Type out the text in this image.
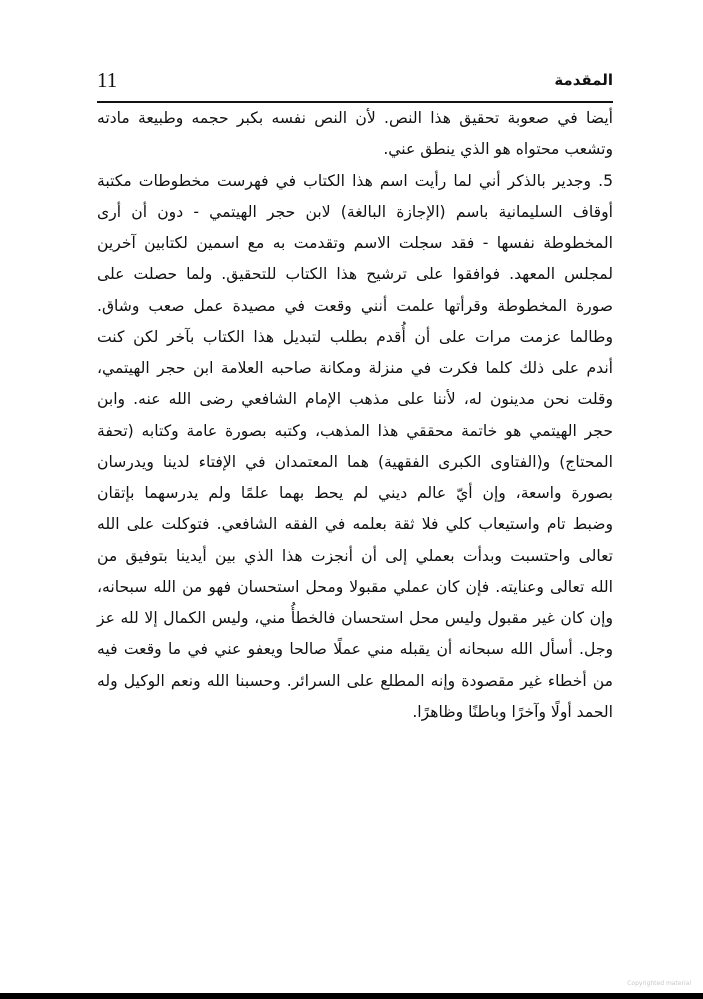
11	المقدمة
أيضا في صعوبة تحقيق هذا النص. لأن النص نفسه بكبر حجمه وطبيعة مادته
وتشعب محتواه هو الذي ينطق عني.
5. وجدير بالذكر أني لما رأيت اسم هذا الكتاب في فهرست مخطوطات مكتبة
أوقاف السليمانية باسم (الإجازة البالغة) لابن حجر الهيتمي - دون أن أرى
المخطوطة نفسها - فقد سجلت الاسم وتقدمت به مع اسمين لكتابين آخرين
لمجلس المعهد. فوافقوا على ترشيح هذا الكتاب للتحقيق. ولما حصلت على
صورة المخطوطة وقرأتها علمت أنني وقعت في مصيدة عمل صعب وشاق.
وطالما عزمت مرات على أن أُقدم بطلب لتبديل هذا الكتاب بآخر لكن كنت
أندم على ذلك كلما فكرت في منزلة ومكانة صاحبه العلامة ابن حجر الهيتمي،
وقلت نحن مدينون له، لأننا على مذهب الإمام الشافعي رضى الله عنه. وابن
حجر الهيتمي هو خاتمة محققي هذا المذهب، وكتبه بصورة عامة وكتابه (تحفة
المحتاج) و(الفتاوى الكبرى الفقهية) هما المعتمدان في الإفتاء لدينا ويدرسان
بصورة واسعة، وإن أيّ عالم ديني لم يحط بهما علمًا ولم يدرسهما بإتقان
وضبط تام واستيعاب كلي فلا ثقة بعلمه في الفقه الشافعي. فتوكلت على الله
تعالى واحتسبت وبدأت بعملي إلى أن أنجزت هذا الذي بين أيدينا بتوفيق من
الله تعالى وعنايته. فإن كان عملي مقبولا ومحل استحسان فهو من الله سبحانه،
وإن كان غير مقبول وليس محل استحسان فالخطأُ مني، وليس الكمال إلا لله عز
وجل. أسأل الله سبحانه أن يقبله مني عملًا صالحا ويعفو عني في ما وقعت فيه
من أخطاء غير مقصودة وإنه المطلع على السرائر. وحسبنا الله ونعم الوكيل وله
الحمد أولًا وآخرًا وباطنًا وظاهرًا.
Copyrighted material
